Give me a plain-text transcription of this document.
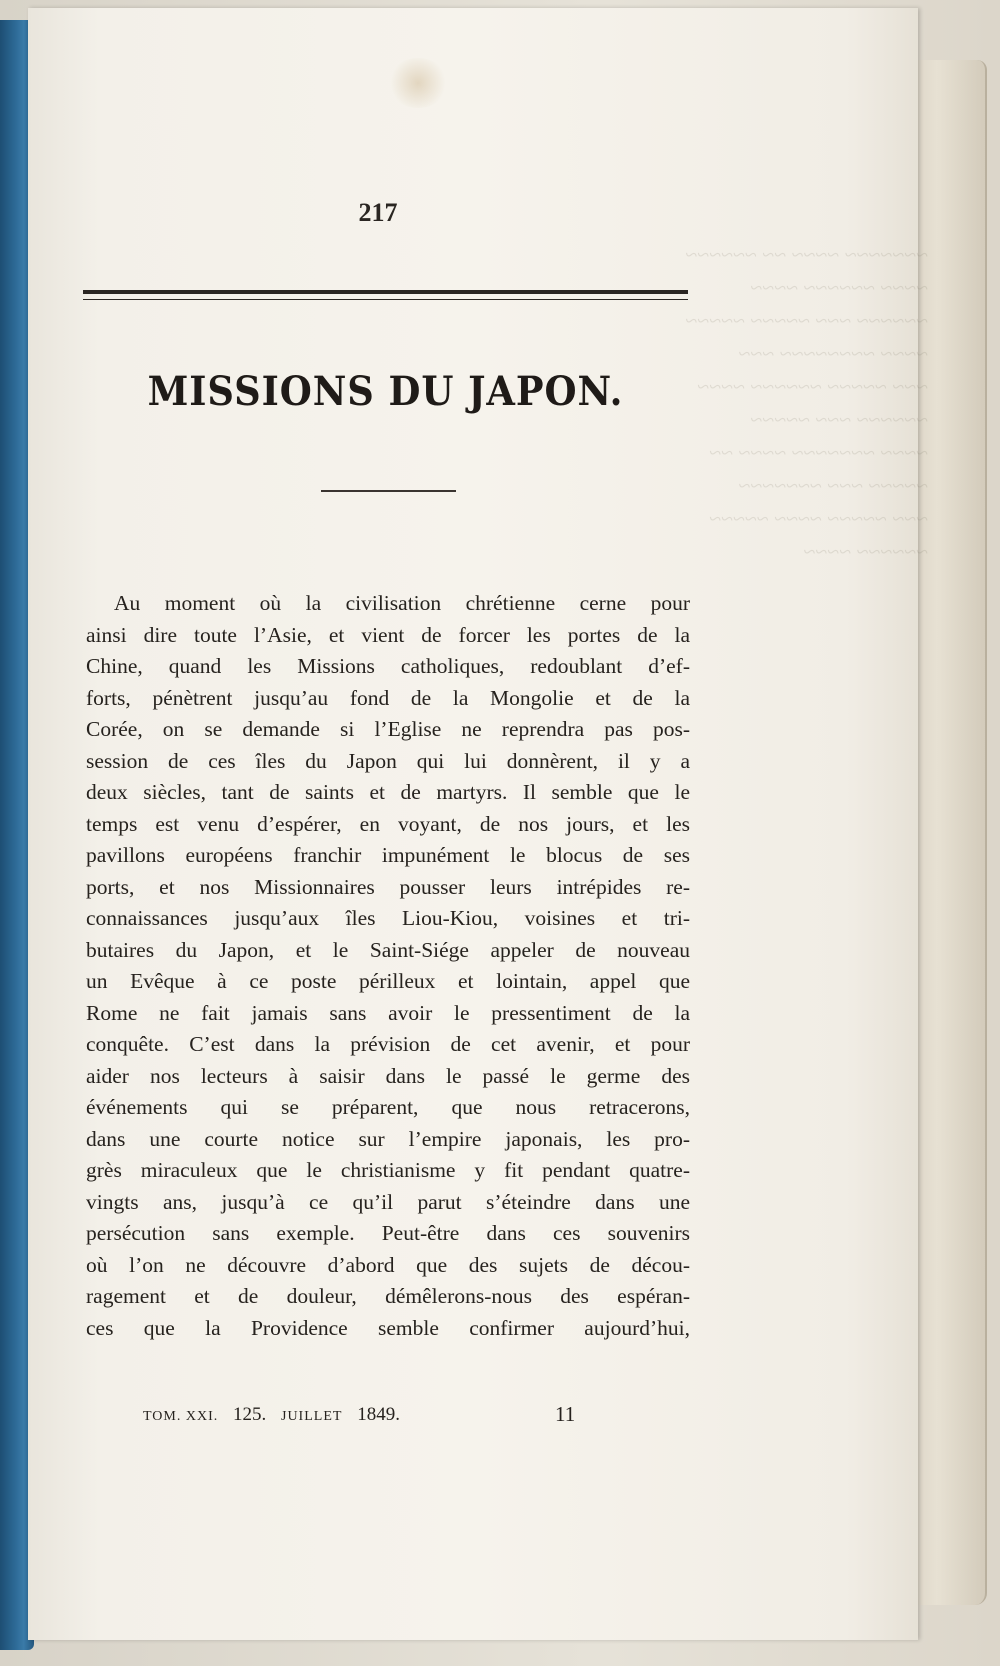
~~~~~~~ ~~~~ ~~ ~~~~~~
~~~~ ~~~~~~ ~~~~
~~~~~~ ~~~ ~~~~~ ~~~~~
~~~~ ~~~~~~~~ ~~~
~~~ ~~~~~ ~~~~~~ ~~~~
~~~~~~ ~~~ ~~~~~
~~~~ ~~~~~~~ ~~~~ ~~
~~~~~ ~~~ ~~~~~~~
~~~ ~~~~~ ~~~~ ~~~~~
~~~~~~ ~~~~
217
MISSIONS DU JAPON.
Au moment où la civilisation chrétienne cerne pour
ainsi dire toute l’Asie, et vient de forcer les portes de la
Chine, quand les Missions catholiques, redoublant d’ef-
forts, pénètrent jusqu’au fond de la Mongolie et de la
Corée, on se demande si l’Eglise ne reprendra pas pos-
session de ces îles du Japon qui lui donnèrent, il y a
deux siècles, tant de saints et de martyrs. Il semble que le
temps est venu d’espérer, en voyant, de nos jours, et les
pavillons européens franchir impunément le blocus de ses
ports, et nos Missionnaires pousser leurs intrépides re-
connaissances jusqu’aux îles Liou-Kiou, voisines et tri-
butaires du Japon, et le Saint-Siége appeler de nouveau
un Evêque à ce poste périlleux et lointain, appel que
Rome ne fait jamais sans avoir le pressentiment de la
conquête. C’est dans la prévision de cet avenir, et pour
aider nos lecteurs à saisir dans le passé le germe des
événements qui se préparent, que nous retracerons,
dans une courte notice sur l’empire japonais, les pro-
grès miraculeux que le christianisme y fit pendant quatre-
vingts ans, jusqu’à ce qu’il parut s’éteindre dans une
persécution sans exemple. Peut-être dans ces souvenirs
où l’on ne découvre d’abord que des sujets de décou-
ragement et de douleur, démêlerons-nous des espéran-
ces que la Providence semble confirmer aujourd’hui,
TOM. XXI. 125. JUILLET 1849.	11
